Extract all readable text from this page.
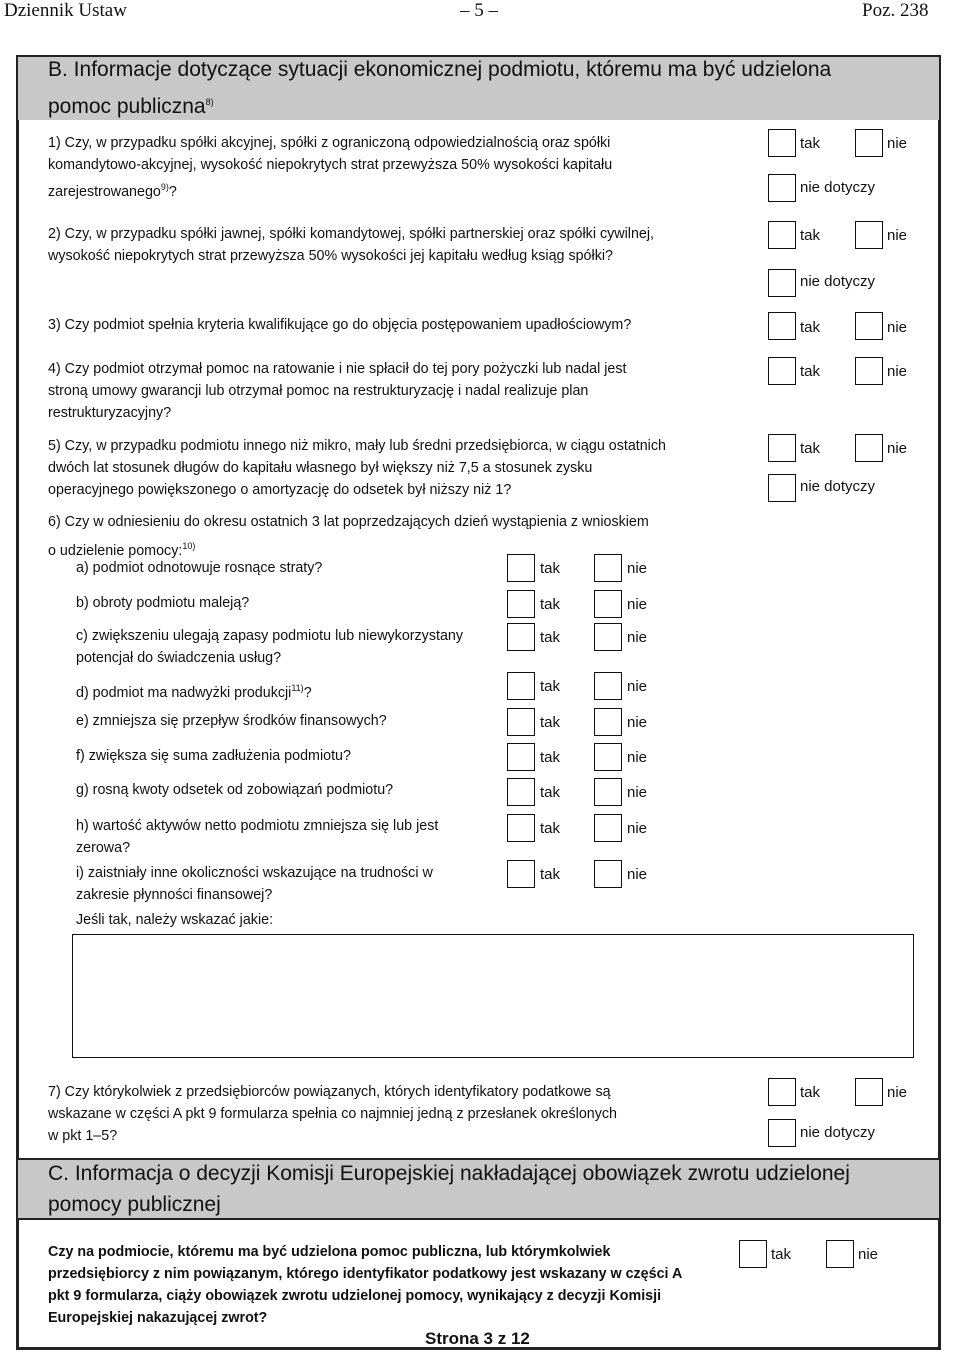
Dziennik Ustaw	– 5 –	Poz. 238
B. Informacje dotyczące sytuacji ekonomicznej podmiotu, któremu ma być udzielona
pomoc publiczna$^{8)}$
1) Czy, w przypadku spółki akcyjnej, spółki z ograniczoną odpowiedzialnością oraz spółki
komandytowo-akcyjnej, wysokość niepokrytych strat przewyższa 50% wysokości kapitału
zarejestrowanego$^{9)}$?
tak	nie
nie dotyczy
2) Czy, w przypadku spółki jawnej, spółki komandytowej, spółki partnerskiej oraz spółki cywilnej,
wysokość niepokrytych strat przewyższa 50% wysokości jej kapitału według ksiąg spółki?
tak	nie
nie dotyczy
3) Czy podmiot spełnia kryteria kwalifikujące go do objęcia postępowaniem upadłościowym?	tak	nie
4) Czy podmiot otrzymał pomoc na ratowanie i nie spłacił do tej pory pożyczki lub nadal jest
stroną umowy gwarancji lub otrzymał pomoc na restrukturyzację i nadal realizuje plan
restrukturyzacyjny?
tak	nie
5) Czy, w przypadku podmiotu innego niż mikro, mały lub średni przedsiębiorca, w ciągu ostatnich
dwóch lat stosunek długów do kapitału własnego był większy niż 7,5 a stosunek zysku
operacyjnego powiększonego o amortyzację do odsetek był niższy niż 1?
tak	nie
nie dotyczy
6) Czy w odniesieniu do okresu ostatnich 3 lat poprzedzających dzień wystąpienia z wnioskiem
o udzielenie pomocy:$^{10)}$
a) podmiot odnotowuje rosnące straty?	tak	nie
b) obroty podmiotu maleją?	tak	nie
c) zwiększeniu ulegają zapasy podmiotu lub niewykorzystany
potencjał do świadczenia usług?
tak	nie
d) podmiot ma nadwyżki produkcji$^{11)}$?	tak	nie
e) zmniejsza się przepływ środków finansowych?	tak	nie
f) zwiększa się suma zadłużenia podmiotu?	tak	nie
g) rosną kwoty odsetek od zobowiązań podmiotu?	tak	nie
h) wartość aktywów netto podmiotu zmniejsza się lub jest
zerowa?
tak	nie
i) zaistniały inne okoliczności wskazujące na trudności w
zakresie płynności finansowej?
tak	nie
Jeśli tak, należy wskazać jakie:
7) Czy którykolwiek z przedsiębiorców powiązanych, których identyfikatory podatkowe są
wskazane w części A pkt 9 formularza spełnia co najmniej jedną z przesłanek określonych
w pkt 1–5?
tak	nie
nie dotyczy
C. Informacja o decyzji Komisji Europejskiej nakładającej obowiązek zwrotu udzielonej
pomocy publicznej
Czy na podmiocie, któremu ma być udzielona pomoc publiczna, lub którymkolwiek
przedsiębiorcy z nim powiązanym, którego identyfikator podatkowy jest wskazany w części A
pkt 9 formularza, ciąży obowiązek zwrotu udzielonej pomocy, wynikający z decyzji Komisji
Europejskiej nakazującej zwrot?
tak	nie
Strona 3 z 12
